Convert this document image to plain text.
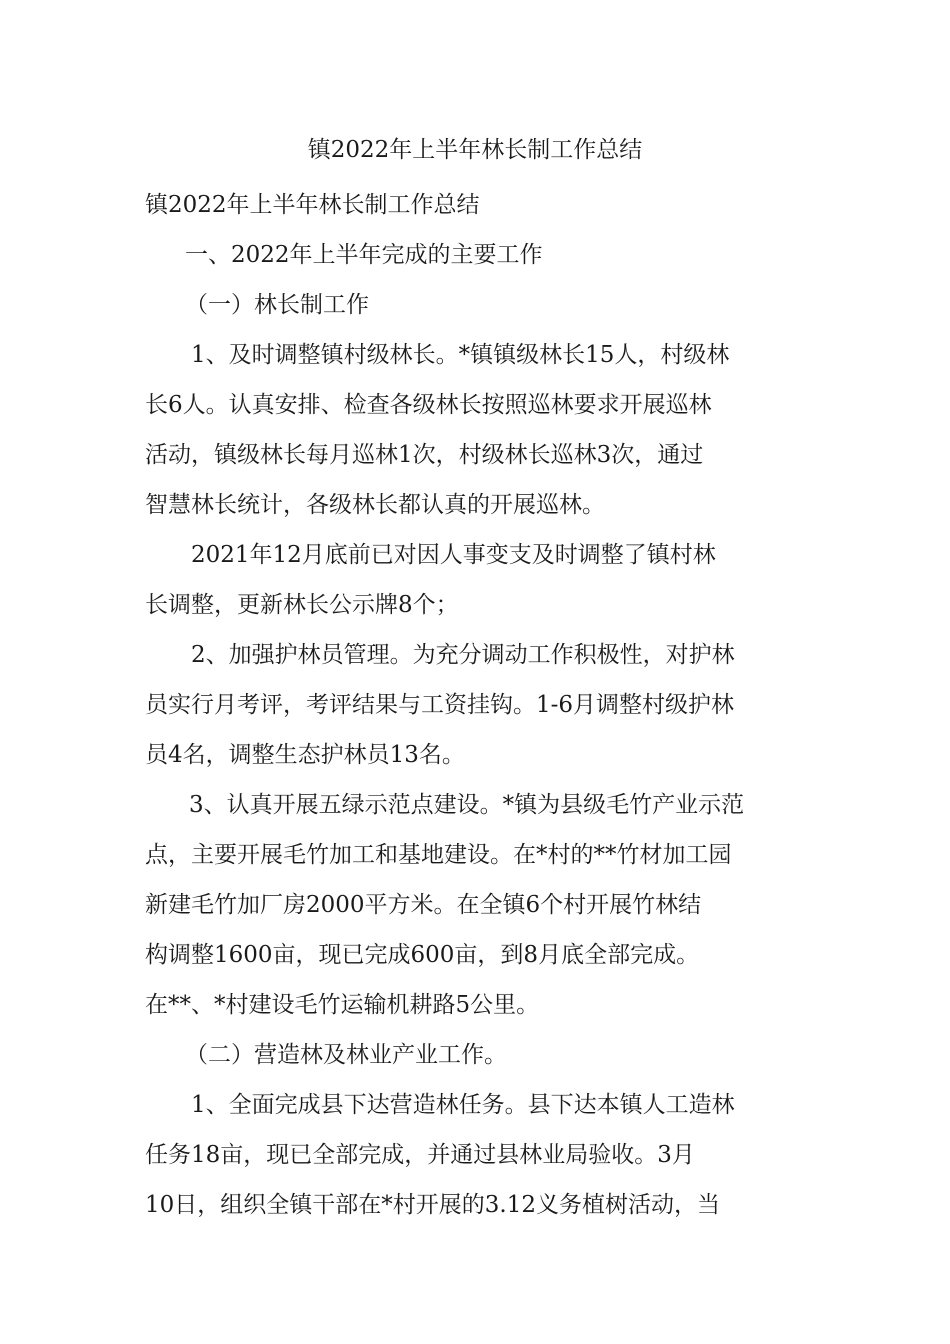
镇2022年上半年林长制工作总结
镇2022年上半年林长制工作总结
一、2022年上半年完成的主要工作
（一）林长制工作
1、及时调整镇村级林长。*镇镇级林长15人，村级林
长6人。认真安排、检查各级林长按照巡林要求开展巡林
活动，镇级林长每月巡林1次，村级林长巡林3次，通过
智慧林长统计，各级林长都认真的开展巡林。
2021年12月底前已对因人事变支及时调整了镇村林
长调整，更新林长公示牌8个；
2、加强护林员管理。为充分调动工作积极性，对护林
员实行月考评，考评结果与工资挂钩。1-6月调整村级护林
员4名，调整生态护林员13名。
3、认真开展五绿示范点建设。*镇为县级毛竹产业示范
点，主要开展毛竹加工和基地建设。在*村的**竹材加工园
新建毛竹加厂房2000平方米。在全镇6个村开展竹林结
构调整1600亩，现已完成600亩，到8月底全部完成。
在**、*村建设毛竹运输机耕路5公里。
（二）营造林及林业产业工作。
1、全面完成县下达营造林任务。县下达本镇人工造林
任务18亩，现已全部完成，并通过县林业局验收。3月
10日，组织全镇干部在*村开展的3.12义务植树活动，当
